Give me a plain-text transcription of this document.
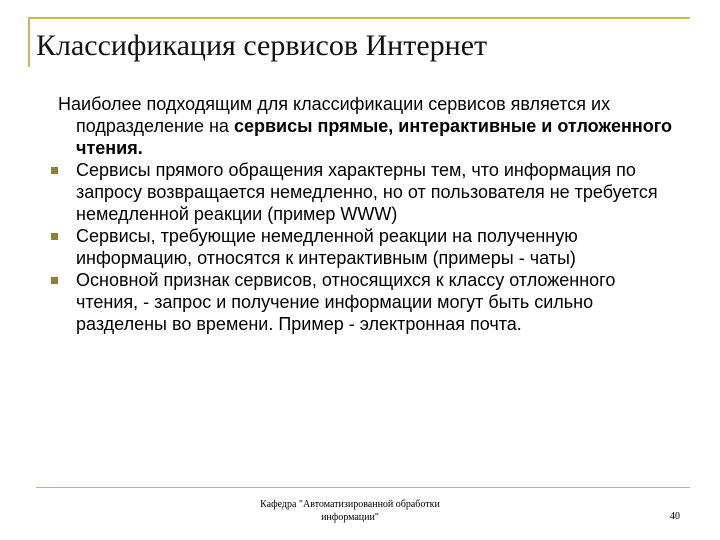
Классификация сервисов Интернет

Наиболее подходящим для классификации сервисов является их подразделение на сервисы прямые, интерактивные и отложенного чтения.

Сервисы прямого обращения характерны тем, что информация по запросу возвращается немедленно, но от пользователя не требуется немедленной реакции (пример WWW)
Сервисы, требующие немедленной реакции на полученную информацию, относятся к интерактивным (примеры - чаты)
Основной признак сервисов, относящихся к классу отложенного чтения, - запрос и получение информации могут быть сильно разделены во времени. Пример - электронная почта.
Кафедра "Автоматизированной обработки информации"	40
